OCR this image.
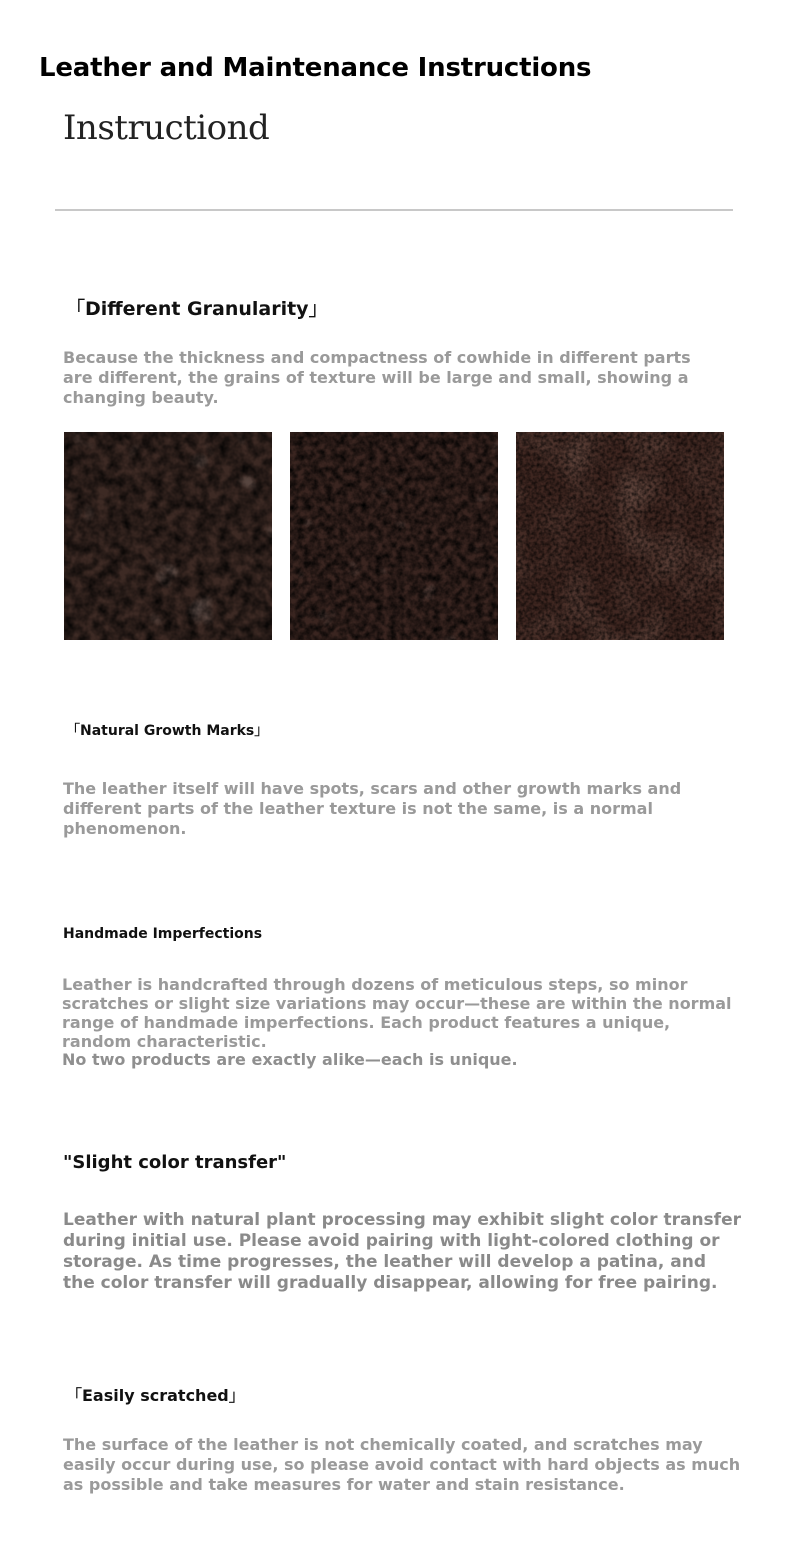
Leather and Maintenance Instructions
Instructiond
「Different Granularity」
Because the thickness and compactness of cowhide in different parts are different, the grains of texture will be large and small, showing a changing beauty.
「Natural Growth Marks」
The leather itself will have spots, scars and other growth marks and different parts of the leather texture is not the same, is a normal phenomenon.
Handmade Imperfections
Leather is handcrafted through dozens of meticulous steps, so minor scratches or slight size variations may occur—these are within the normal range of handmade imperfections. Each product features a unique, random characteristic.
No two products are exactly alike—each is unique.
"Slight color transfer"
Leather with natural plant processing may exhibit slight color transfer during initial use. Please avoid pairing with light-colored clothing or storage. As time progresses, the leather will develop a patina, and the color transfer will gradually disappear, allowing for free pairing.
「Easily scratched」
The surface of the leather is not chemically coated, and scratches may easily occur during use, so please avoid contact with hard objects as much as possible and take measures for water and stain resistance.
